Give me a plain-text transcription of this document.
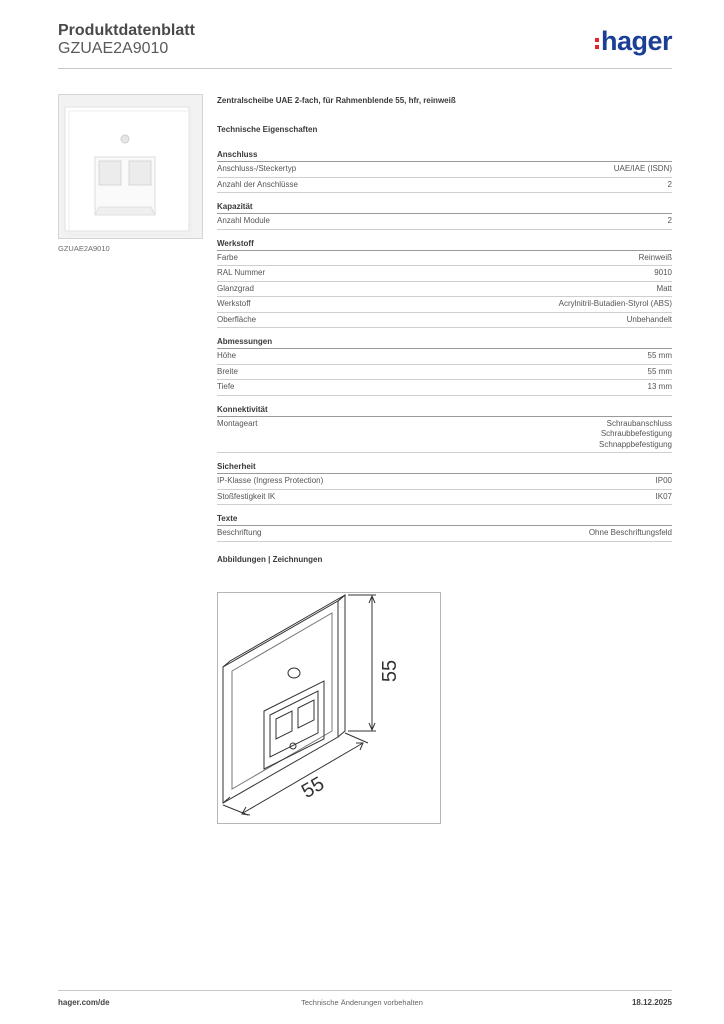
Produktdatenblatt
GZUAE2A9010	hager
GZUAE2A9010
Zentralscheibe UAE 2-fach, für Rahmenblende 55, hfr, reinweiß
Technische Eigenschaften
Anschluss
Anschluss-/Steckertyp	UAE/IAE (ISDN)
Anzahl der Anschlüsse	2
Kapazität
Anzahl Module	2
Werkstoff
Farbe	Reinweiß
RAL Nummer	9010
Glanzgrad	Matt
Werkstoff	Acrylnitril-Butadien-Styrol (ABS)
Oberfläche	Unbehandelt
Abmessungen
Höhe	55 mm
Breite	55 mm
Tiefe	13 mm
Konnektivität
Montageart	Schraubanschluss
Schraubbefestigung
Schnappbefestigung
Sicherheit
IP-Klasse (Ingress Protection)	IP00
Stoßfestigkeit IK	IK07
Texte
Beschriftung	Ohne Beschriftungsfeld
Abbildungen | Zeichnungen
55
55
hager.com/de	Technische Änderungen vorbehalten	18.12.2025
